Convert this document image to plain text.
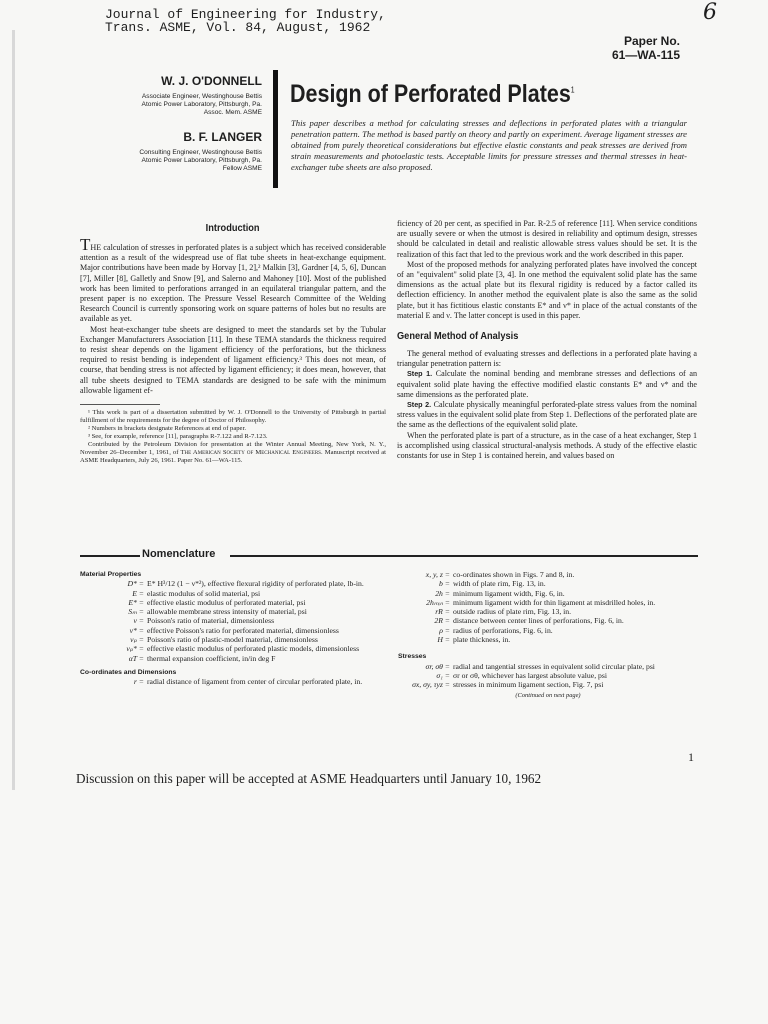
Journal of Engineering for Industry,
Trans. ASME, Vol. 84, August, 1962
6
Paper No.
61—WA-115
W. J. O'DONNELL
Associate Engineer, Westinghouse Bettis
Atomic Power Laboratory, Pittsburgh, Pa.
Assoc. Mem. ASME
B. F. LANGER
Consulting Engineer, Westinghouse Bettis
Atomic Power Laboratory, Pittsburgh, Pa.
Fellow ASME
Design of Perforated Plates$^1$
This paper describes a method for calculating stresses and deflections in perforated plates with a triangular penetration pattern. The method is based partly on theory and partly on experiment. Average ligament stresses are obtained from purely theoretical considerations but effective elastic constants and peak stresses are derived from strain measurements and photoelastic tests. Acceptable limits for pressure stresses and thermal stresses in heat-exchanger tube sheets are also proposed.
Introduction

THE calculation of stresses in perforated plates is a subject which has received considerable attention as a result of the widespread use of flat tube sheets in heat-exchange equipment. Major contributions have been made by Horvay [1, 2],² Malkin [3], Gardner [4, 5, 6], Duncan [7], Miller [8], Galletly and Snow [9], and Salerno and Mahoney [10]. Most of the published work has been limited to perforations arranged in an equilateral triangular pattern, and the present paper is no exception. The Pressure Vessel Research Committee of the Welding Research Council is currently sponsoring work on square patterns of holes but no results are available as yet.

Most heat-exchanger tube sheets are designed to meet the standards set by the Tubular Exchanger Manufacturers Association [11]. In these TEMA standards the thickness required to resist shear depends on the ligament efficiency of the perforations, but the thickness required to resist bending is independent of ligament efficiency.³ This does not mean, of course, that bending stress is not affected by ligament efficiency; it does mean, however, that all tube sheets designed to TEMA standards are designed to be safe with the minimum allowable ligament ef-

¹ This work is part of a dissertation submitted by W. J. O'Donnell to the University of Pittsburgh in partial fulfillment of the requirements for the degree of Doctor of Philosophy.

² Numbers in brackets designate References at end of paper.

³ See, for example, reference [11], paragraphs R-7.122 and R-7.123.

Contributed by the Petroleum Division for presentation at the Winter Annual Meeting, New York, N. Y., November 26–December 1, 1961, of The American Society of Mechanical Engineers. Manuscript received at ASME Headquarters, July 26, 1961. Paper No. 61—WA-115.

ficiency of 20 per cent, as specified in Par. R-2.5 of reference [11]. When service conditions are usually severe or when the utmost is desired in reliability and optimum design, stresses should be calculated in detail and realistic allowable stress values should be set. It is the realization of this fact that led to the previous work and the work described in this paper.

Most of the proposed methods for analyzing perforated plates have involved the concept of an "equivalent" solid plate [3, 4]. In one method the equivalent solid plate has the same dimensions as the actual plate but its flexural rigidity is reduced by a factor called its deflection efficiency. In another method the equivalent plate is also the same as the solid plate, but it has fictitious elastic constants E* and ν* in place of the actual constants of the material E and ν. The latter concept is used in this paper.

General Method of Analysis

The general method of evaluating stresses and deflections in a perforated plate having a triangular penetration pattern is:

Step 1. Calculate the nominal bending and membrane stresses and deflections of an equivalent solid plate having the effective modified elastic constants E* and ν* and the same dimensions as the perforated plate.

Step 2. Calculate physically meaningful perforated-plate stress values from the nominal stress values in the equivalent solid plate from Step 1. Deflections of the perforated plate are the same as the deflections of the equivalent solid plate.

When the perforated plate is part of a structure, as in the case of a heat exchanger, Step 1 is accomplished using classical structural-analysis methods. A study of the effective elastic constants for use in Step 1 is contained herein, and values based on

Nomenclature
Material Properties
D* = E* H³/12 (1 − ν*²), effective flexural rigidity of perforated plate, lb-in.
E = elastic modulus of solid material, psi
E* = effective elastic modulus of perforated material, psi
Sₘ = allowable membrane stress intensity of material, psi
ν = Poisson's ratio of material, dimensionless
ν* = effective Poisson's ratio for perforated material, dimensionless
νₚ = Poisson's ratio of plastic-model material, dimensionless
νₚ* = effective elastic modulus of perforated plastic models, dimensionless
αT = thermal expansion coefficient, in/in deg F
Co-ordinates and Dimensions
r = radial distance of ligament from center of circular perforated plate, in.
x, y, z = co-ordinates shown in Figs. 7 and 8, in.
b = width of plate rim, Fig. 13, in.
2h = minimum ligament width, Fig. 6, in.
2hₘᵢₙ = minimum ligament width for thin ligament at misdrilled holes, in.
rR = outside radius of plate rim, Fig. 13, in.
2R = distance between center lines of perforations, Fig. 6, in.
ρ = radius of perforations, Fig. 6, in.
H = plate thickness, in.
Stresses
σr, σθ = radial and tangential stresses in equivalent solid circular plate, psi
σ₁ = σr or σθ, whichever has largest absolute value, psi
σx, σy, τyz = stresses in minimum ligament section, Fig. 7, psi
(Continued on next page)
1
Discussion on this paper will be accepted at ASME Headquarters until January 10, 1962
